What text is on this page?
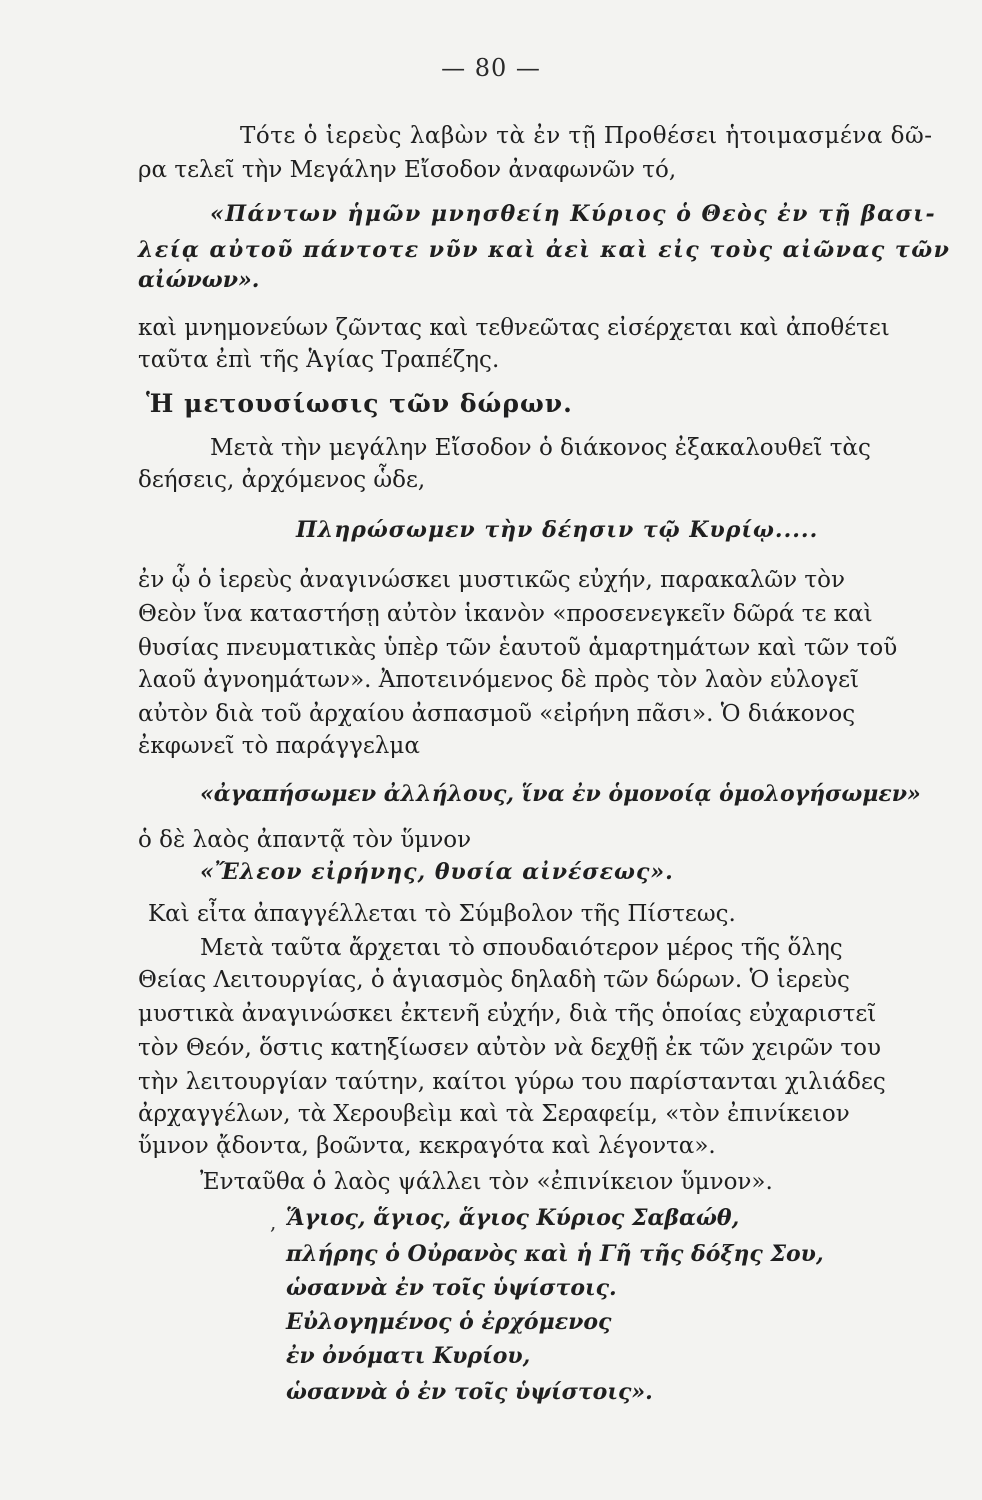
— 80 —
Τότε ὁ ἱερεὺς λαβὼν τὰ ἐν τῇ Προθέσει ἡτοιμασμένα δῶ-
ρα τελεῖ τὴν Μεγάλην Εἴσοδον ἀναφωνῶν τό,
«Πάντων ἡμῶν μνησθείη Κύριος ὁ Θεὸς ἐν τῇ βασι-
λείᾳ αὐτοῦ πάντοτε νῦν καὶ ἀεὶ καὶ εἰς τοὺς αἰῶνας τῶν
αἰώνων».
καὶ μνημονεύων ζῶντας καὶ τεθνεῶτας εἰσέρχεται καὶ ἀποθέτει
ταῦτα ἐπὶ τῆς Ἁγίας Τραπέζης.
Ἡ μετουσίωσις τῶν δώρων.
Μετὰ τὴν μεγάλην Εἴσοδον ὁ διάκονος ἐξακαλουθεῖ τὰς
δεήσεις, ἀρχόμενος ὧδε,
Πληρώσωμεν τὴν δέησιν τῷ Κυρίῳ.....
ἐν ᾧ ὁ ἱερεὺς ἀναγινώσκει μυστικῶς εὐχήν, παρακαλῶν τὸν
Θεὸν ἵνα καταστήσῃ αὐτὸν ἱκανὸν «προσενεγκεῖν δῶρά τε καὶ
θυσίας πνευματικὰς ὑπὲρ τῶν ἑαυτοῦ ἁμαρτημάτων καὶ τῶν τοῦ
λαοῦ ἀγνοημάτων». Ἀποτεινόμενος δὲ πρὸς τὸν λαὸν εὐλογεῖ
αὐτὸν διὰ τοῦ ἀρχαίου ἀσπασμοῦ «εἰρήνη πᾶσι». Ὁ διάκονος
ἐκφωνεῖ τὸ παράγγελμα
«ἀγαπήσωμεν ἀλλήλους, ἵνα ἐν ὁμονοίᾳ ὁμολογήσωμεν»
ὁ δὲ λαὸς ἀπαντᾷ τὸν ὕμνον
«Ἔλεον εἰρήνης, θυσία αἰνέσεως».
Καὶ εἶτα ἀπαγγέλλεται τὸ Σύμβολον τῆς Πίστεως.
Μετὰ ταῦτα ἄρχεται τὸ σπουδαιότερον μέρος τῆς ὅλης
Θείας Λειτουργίας, ὁ ἁγιασμὸς δηλαδὴ τῶν δώρων. Ὁ ἱερεὺς
μυστικὰ ἀναγινώσκει ἐκτενῆ εὐχήν, διὰ τῆς ὁποίας εὐχαριστεῖ
τὸν Θεόν, ὅστις κατηξίωσεν αὐτὸν νὰ δεχθῇ ἐκ τῶν χειρῶν του
τὴν λειτουργίαν ταύτην, καίτοι γύρω του παρίστανται χιλιάδες
ἀρχαγγέλων, τὰ Χερουβεὶμ καὶ τὰ Σεραφείμ, «τὸν ἐπινίκειον
ὕμνον ᾄδοντα, βοῶντα, κεκραγότα καὶ λέγοντα».
Ἐνταῦθα ὁ λαὸς ψάλλει τὸν «ἐπινίκειον ὕμνον».
, Ἅγιος, ἅγιος, ἅγιος Κύριος Σαβαώθ,
πλήρης ὁ Οὐρανὸς καὶ ἡ Γῆ τῆς δόξης Σου,
ὡσαννὰ ἐν τοῖς ὑψίστοις.
Εὐλογημένος ὁ ἐρχόμενος
ἐν ὀνόματι Κυρίου,
ὡσαννὰ ὁ ἐν τοῖς ὑψίστοις».
